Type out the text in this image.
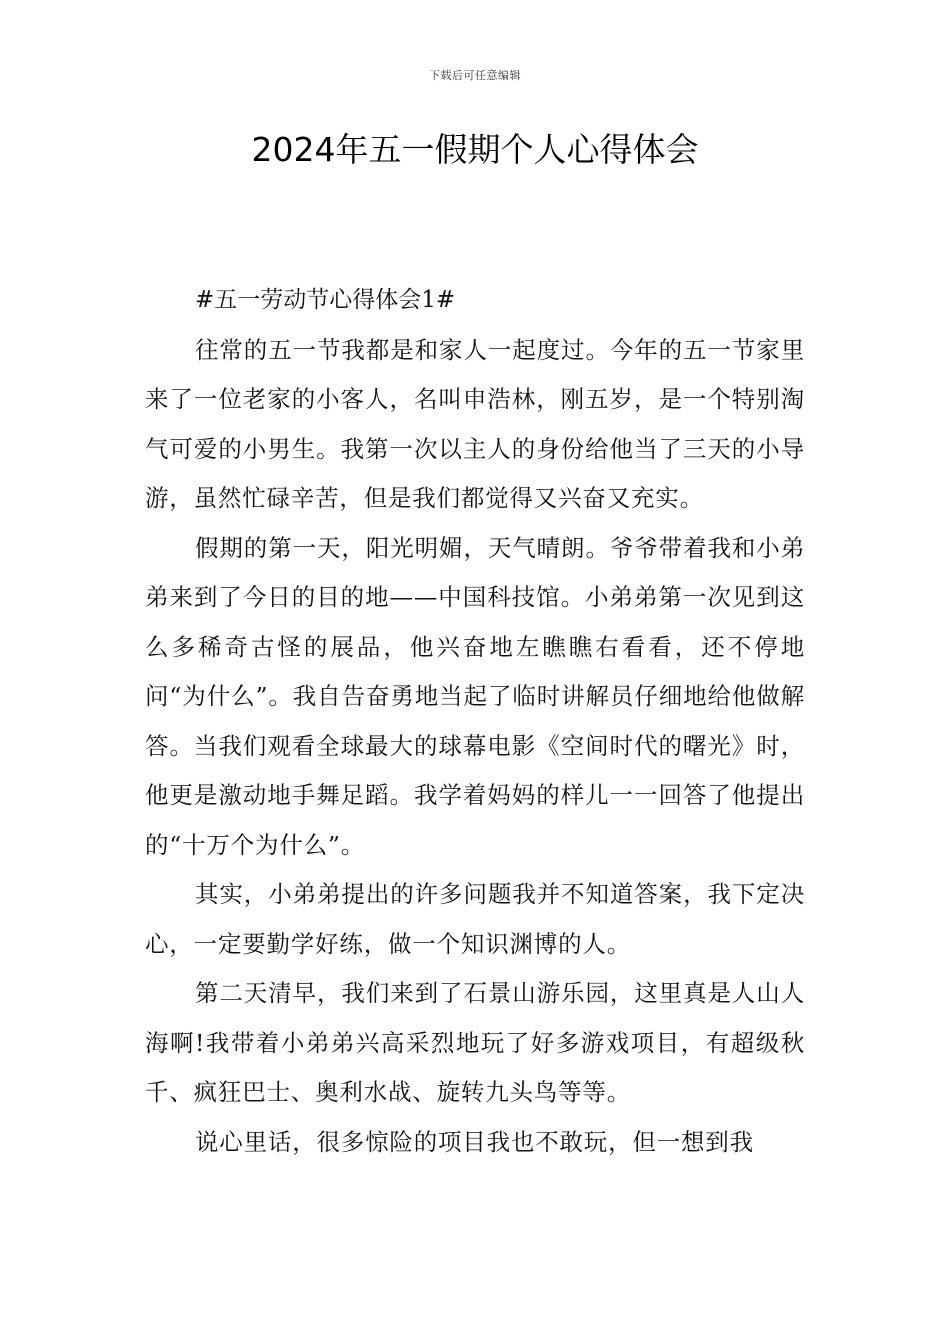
下载后可任意编辑
2024年五一假期个人心得体会

#五一劳动节心得体会1#

往常的五一节我都是和家人一起度过。今年的五一节家里来了一位老家的小客人，名叫申浩林，刚五岁，是一个特别淘气可爱的小男生。我第一次以主人的身份给他当了三天的小导游，虽然忙碌辛苦，但是我们都觉得又兴奋又充实。

假期的第一天，阳光明媚，天气晴朗。爷爷带着我和小弟弟来到了今日的目的地——中国科技馆。小弟弟第一次见到这么多稀奇古怪的展品，他兴奋地左瞧瞧右看看，还不停地问“为什么”。我自告奋勇地当起了临时讲解员仔细地给他做解答。当我们观看全球最大的球幕电影《空间时代的曙光》时，他更是激动地手舞足蹈。我学着妈妈的样儿一一回答了他提出的“十万个为什么”。

其实，小弟弟提出的许多问题我并不知道答案，我下定决心，一定要勤学好练，做一个知识渊博的人。

第二天清早，我们来到了石景山游乐园，这里真是人山人海啊!我带着小弟弟兴高采烈地玩了好多游戏项目，有超级秋千、疯狂巴士、奥利水战、旋转九头鸟等等。

说心里话，很多惊险的项目我也不敢玩，但一想到我
